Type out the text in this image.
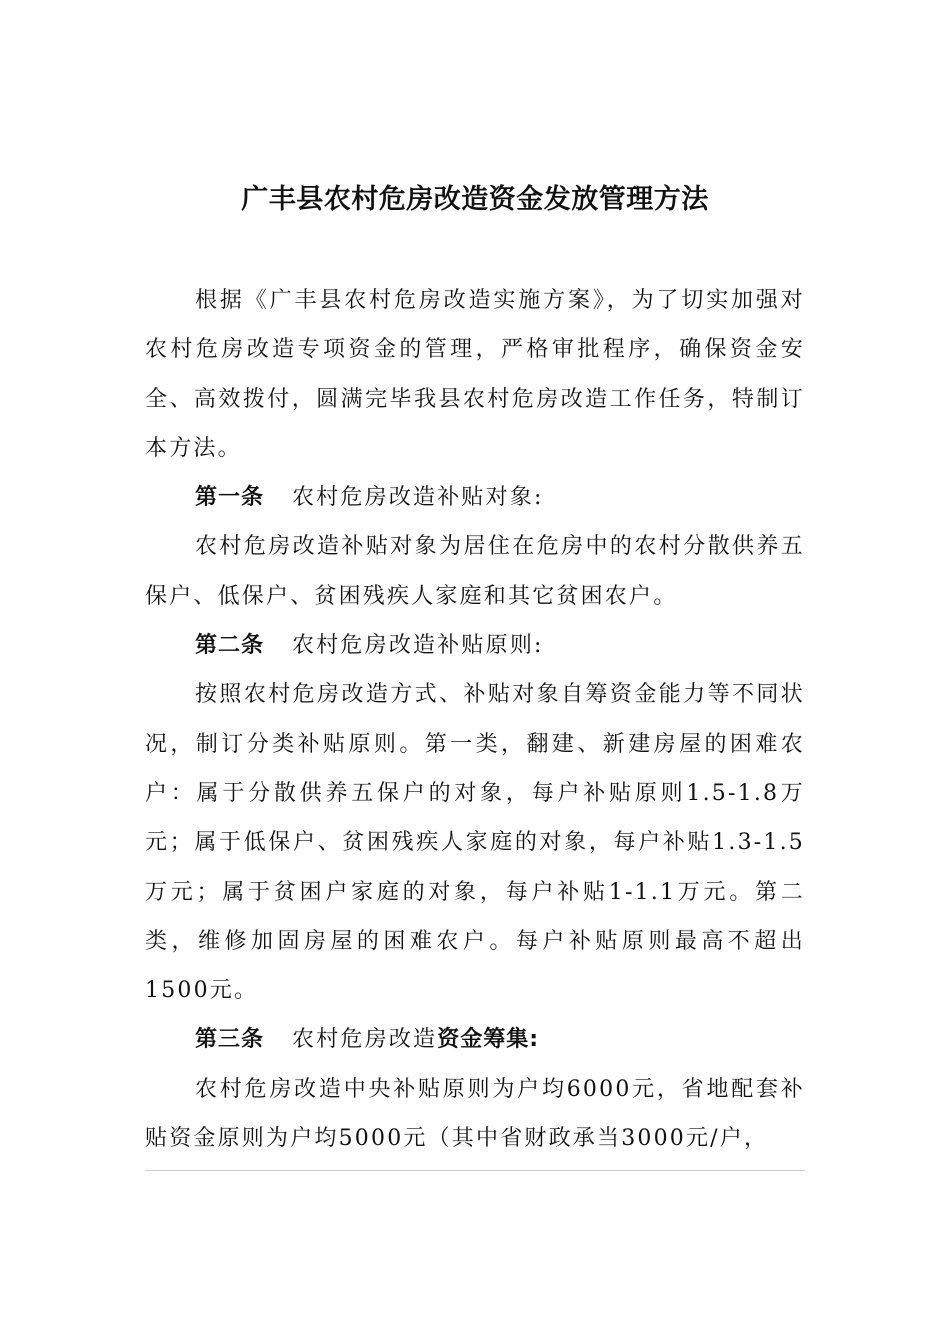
广丰县农村危房改造资金发放管理方法

根据《广丰县农村危房改造实施方案》，为了切实加强对农村危房改造专项资金的管理，严格审批程序，确保资金安全、高效拨付，圆满完毕我县农村危房改造工作任务，特制订本方法。

第一条 农村危房改造补贴对象:

农村危房改造补贴对象为居住在危房中的农村分散供养五保户、低保户、贫困残疾人家庭和其它贫困农户。

第二条 农村危房改造补贴原则:

按照农村危房改造方式、补贴对象自筹资金能力等不同状况，制订分类补贴原则。第一类，翻建、新建房屋的困难农户：属于分散供养五保户的对象，每户补贴原则1.5-1.8万元；属于低保户、贫困残疾人家庭的对象，每户补贴1.3-1.5万元；属于贫困户家庭的对象，每户补贴1-1.1万元。第二类，维修加固房屋的困难农户。每户补贴原则最高不超出1500元。

第三条 农村危房改造资金筹集:

农村危房改造中央补贴原则为户均6000元，省地配套补贴资金原则为户均5000元（其中省财政承当3000元/户，
